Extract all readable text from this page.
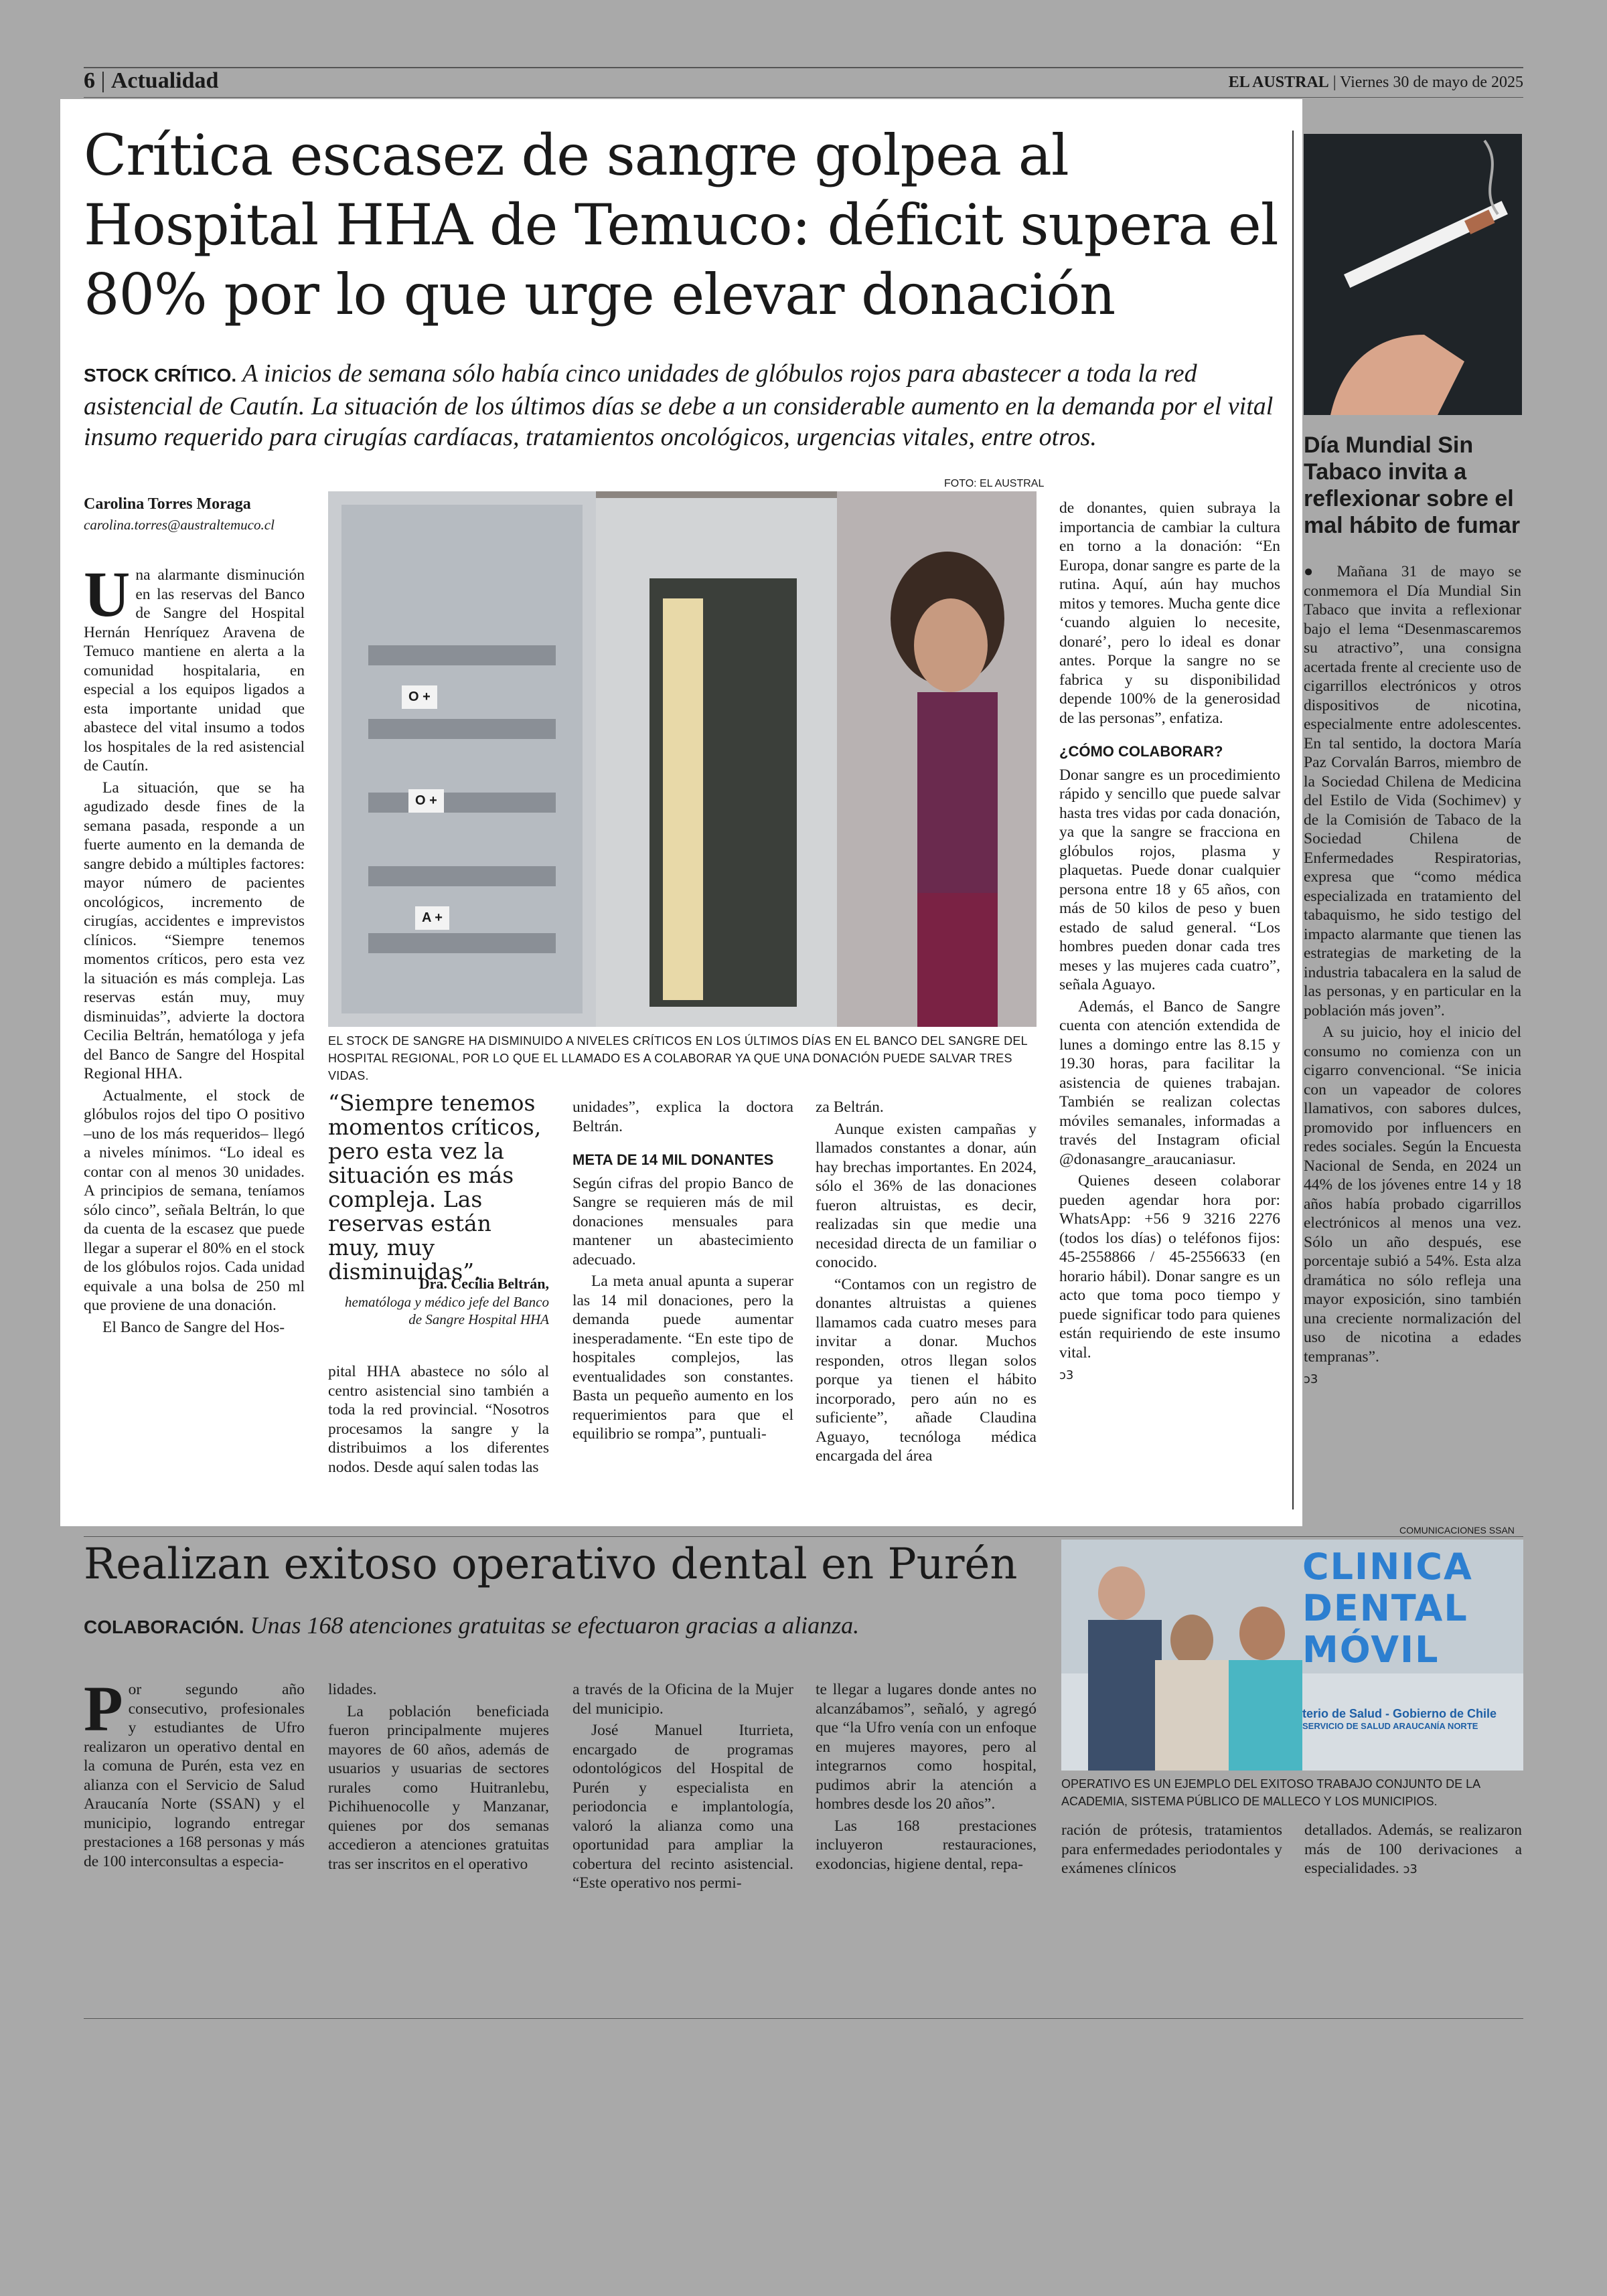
6 | Actualidad	EL AUSTRAL | Viernes 30 de mayo de 2025
Crítica escasez de sangre golpea al Hospital HHA de Temuco: déficit supera el 80% por lo que urge elevar donación
STOCK CRÍTICO. A inicios de semana sólo había cinco unidades de glóbulos rojos para abastecer a toda la red asistencial de Cautín. La situación de los últimos días se debe a un considerable aumento en la demanda por el vital insumo requerido para cirugías cardíacas, tratamientos oncológicos, urgencias vitales, entre otros.
Carolina Torres Moraga
carolina.torres@australtemuco.cl
FOTO: EL AUSTRAL
O +
O +
A +
EL STOCK DE SANGRE HA DISMINUIDO A NIVELES CRÍTICOS EN LOS ÚLTIMOS DÍAS EN EL BANCO DEL SANGRE DEL HOSPITAL REGIONAL, POR LO QUE EL LLAMADO ES A COLABORAR YA QUE UNA DONACIÓN PUEDE SALVAR TRES VIDAS.
U na alarmante disminución en las reservas del Banco de Sangre del Hospital Hernán Henríquez Aravena de Temuco mantiene en alerta a la comunidad hospitalaria, en especial a los equipos ligados a esta importante unidad que abastece del vital insumo a todos los hospitales de la red asistencial de Cautín.

La situación, que se ha agudizado desde fines de la semana pasada, responde a un fuerte aumento en la demanda de sangre debido a múltiples factores: mayor número de pacientes oncológicos, incremento de cirugías, accidentes e imprevistos clínicos. “Siempre tenemos momentos críticos, pero esta vez la situación es más compleja. Las reservas están muy, muy disminuidas”, advierte la doctora Cecilia Beltrán, hematóloga y jefa del Banco de Sangre del Hospital Regional HHA.

Actualmente, el stock de glóbulos rojos del tipo O positivo –uno de los más requeridos– llegó a niveles mínimos. “Lo ideal es contar con al menos 30 unidades. A principios de semana, teníamos sólo cinco”, señala Beltrán, lo que da cuenta de la escasez que puede llegar a superar el 80% en el stock de los glóbulos rojos. Cada unidad equivale a una bolsa de 250 ml que proviene de una donación.

El Banco de Sangre del Hos-

“Siempre tenemos momentos críticos, pero esta vez la situación es más compleja. Las reservas están muy, muy disminuidas”.
Dra. Cecilia Beltrán,
hematóloga y médico jefe del Banco de Sangre Hospital HHA

pital HHA abastece no sólo al centro asistencial sino también a toda la red provincial. “Nosotros procesamos la sangre y la distribuimos a los diferentes nodos. Desde aquí salen todas las

unidades”, explica la doctora Beltrán.

META DE 14 MIL DONANTES

Según cifras del propio Banco de Sangre se requieren más de mil donaciones mensuales para mantener un abastecimiento adecuado.

La meta anual apunta a superar las 14 mil donaciones, pero la demanda puede aumentar inesperadamente. “En este tipo de hospitales complejos, las eventualidades son constantes. Basta un pequeño aumento en los requerimientos para que el equilibrio se rompa”, puntuali-

za Beltrán.

Aunque existen campañas y llamados constantes a donar, aún hay brechas importantes. En 2024, sólo el 36% de las donaciones fueron altruistas, es decir, realizadas sin que medie una necesidad directa de un familiar o conocido.

“Contamos con un registro de donantes altruistas a quienes llamamos cada cuatro meses para invitar a donar. Muchos responden, otros llegan solos porque ya tienen el hábito incorporado, pero aún no es suficiente”, añade Claudina Aguayo, tecnóloga médica encargada del área

de donantes, quien subraya la importancia de cambiar la cultura en torno a la donación: “En Europa, donar sangre es parte de la rutina. Aquí, aún hay muchos mitos y temores. Mucha gente dice ‘cuando alguien lo necesite, donaré’, pero lo ideal es donar antes. Porque la sangre no se fabrica y su disponibilidad depende 100% de la generosidad de las personas”, enfatiza.

¿CÓMO COLABORAR?

Donar sangre es un procedimiento rápido y sencillo que puede salvar hasta tres vidas por cada donación, ya que la sangre se fracciona en glóbulos rojos, plasma y plaquetas. Puede donar cualquier persona entre 18 y 65 años, con más de 50 kilos de peso y buen estado de salud general. “Los hombres pueden donar cada tres meses y las mujeres cada cuatro”, señala Aguayo.

Además, el Banco de Sangre cuenta con atención extendida de lunes a domingo entre las 8.15 y 19.30 horas, para facilitar la asistencia de quienes trabajan. También se realizan colectas móviles semanales, informadas a través del Instagram oficial @donasangre_araucaniasur.

Quienes deseen colaborar pueden agendar hora por: WhatsApp: +56 9 3216 2276 (todos los días) o teléfonos fijos: 45-2558866 / 45-2556633 (en horario hábil). Donar sangre es un acto que toma poco tiempo y puede significar todo para quienes están requiriendo de este insumo vital.

ↄ3
Día Mundial Sin Tabaco invita a reflexionar sobre el mal hábito de fumar

● Mañana 31 de mayo se conmemora el Día Mundial Sin Tabaco que invita a reflexionar bajo el lema “Desenmascaremos su atractivo”, una consigna acertada frente al creciente uso de cigarrillos electrónicos y otros dispositivos de nicotina, especialmente entre adolescentes. En tal sentido, la doctora María Paz Corvalán Barros, miembro de la Sociedad Chilena de Medicina del Estilo de Vida (Sochimev) y de la Comisión de Tabaco de la Sociedad Chilena de Enfermedades Respiratorias, expresa que “como médica especializada en tratamiento del tabaquismo, he sido testigo del impacto alarmante que tienen las estrategias de marketing de la industria tabacalera en la salud de las personas, y en particular en la población más joven”.

A su juicio, hoy el inicio del consumo no comienza con un cigarro convencional. “Se inicia con un vapeador de colores llamativos, con sabores dulces, promovido por influencers en redes sociales. Según la Encuesta Nacional de Senda, en 2024 un 44% de los jóvenes entre 14 y 18 años había probado cigarrillos electrónicos al menos una vez. Sólo un año después, ese porcentaje subió a 54%. Esta alza dramática no sólo refleja una mayor exposición, sino también una creciente normalización del uso de nicotina a edades tempranas”.

ↄ3
Realizan exitoso operativo dental en Purén
COLABORACIÓN. Unas 168 atenciones gratuitas se efectuaron gracias a alianza.
COMUNICACIONES SSAN
CLINICA
DENTAL
MÓVIL
terio de Salud - Gobierno de Chile
SERVICIO DE SALUD ARAUCANÍA NORTE
OPERATIVO ES UN EJEMPLO DEL EXITOSO TRABAJO CONJUNTO DE LA ACADEMIA, SISTEMA PÚBLICO DE MALLECO Y LOS MUNICIPIOS.
P or segundo año consecutivo, profesionales y estudiantes de Ufro realizaron un operativo dental en la comuna de Purén, esta vez en alianza con el Servicio de Salud Araucanía Norte (SSAN) y el municipio, logrando entregar prestaciones a 168 personas y más de 100 interconsultas a especia-

lidades.

La población beneficiada fueron principalmente mujeres mayores de 60 años, además de usuarios y usuarias de sectores rurales como Huitranlebu, Pichihuenocolle y Manzanar, quienes por dos semanas accedieron a atenciones gratuitas tras ser inscritos en el operativo

a través de la Oficina de la Mujer del municipio.

José Manuel Iturrieta, encargado de programas odontológicos del Hospital de Purén y especialista en periodoncia e implantología, valoró la alianza como una oportunidad para ampliar la cobertura del recinto asistencial. “Este operativo nos permi-

te llegar a lugares donde antes no alcanzábamos”, señaló, y agregó que “la Ufro venía con un enfoque en mujeres mayores, pero al integrarnos como hospital, pudimos abrir la atención a hombres desde los 20 años”.

Las 168 prestaciones incluyeron restauraciones, exodoncias, higiene dental, repa-

ración de prótesis, tratamientos para enfermedades periodontales y exámenes clínicos

detallados. Además, se realizaron más de 100 derivaciones a especialidades. ↄ3
